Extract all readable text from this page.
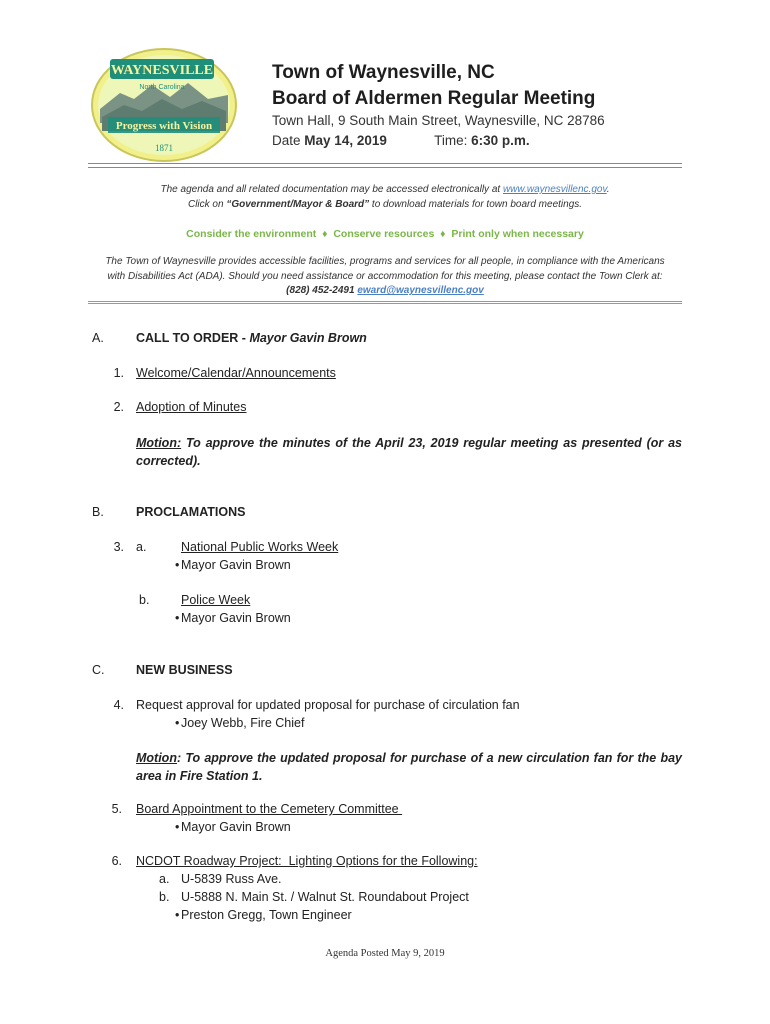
WAYNESVILLE
North Carolina
Progress with Vision
1871
Town of Waynesville, NC
Board of Aldermen Regular Meeting
Town Hall, 9 South Main Street, Waynesville, NC 28786
Date May 14, 2019	Time: 6:30 p.m.
The agenda and all related documentation may be accessed electronically at www.waynesvillenc.gov.
Click on “Government/Mayor & Board” to download materials for town board meetings.
Consider the environment  ♦  Conserve resources  ♦  Print only when necessary
The Town of Waynesville provides accessible facilities, programs and services for all people, in compliance with the Americans
with Disabilities Act (ADA). Should you need assistance or accommodation for this meeting, please contact the Town Clerk at:
(828) 452-2491 eward@waynesvillenc.gov
A.	CALL TO ORDER - Mayor Gavin Brown
1. Welcome/Calendar/Announcements
2. Adoption of Minutes
Motion: To approve the minutes of the April 23, 2019 regular meeting as presented (or as corrected).
B.	PROCLAMATIONS
3. a.	National Public Works Week
• Mayor Gavin Brown
b.	Police Week
• Mayor Gavin Brown
C.	NEW BUSINESS
4. Request approval for updated proposal for purchase of circulation fan
• Joey Webb, Fire Chief
Motion: To approve the updated proposal for purchase of a new circulation fan for the bay area in Fire Station 1.
5. Board Appointment to the Cemetery Committee
• Mayor Gavin Brown
6. NCDOT Roadway Project:  Lighting Options for the Following:
a. U-5839 Russ Ave.
b. U-5888 N. Main St. / Walnut St. Roundabout Project
• Preston Gregg, Town Engineer
Agenda Posted May 9, 2019
